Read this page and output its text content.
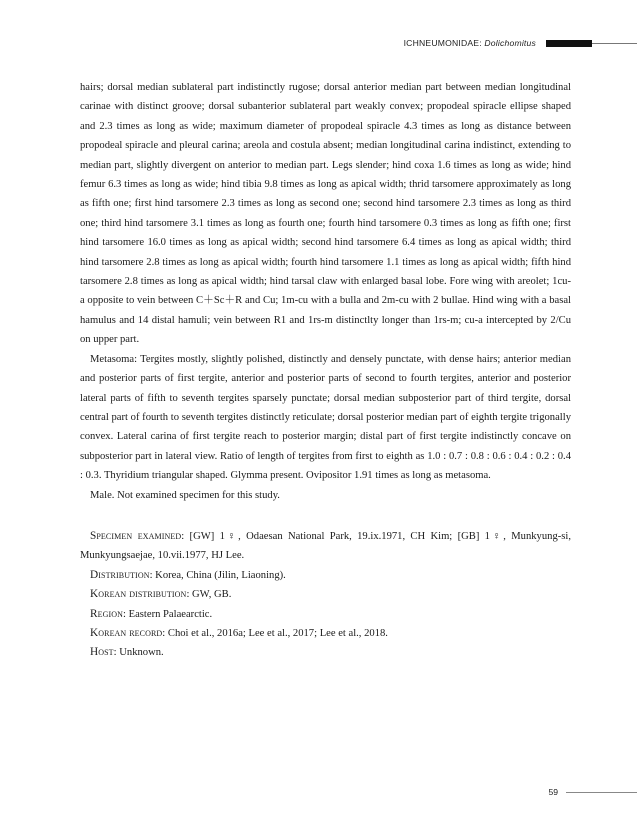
ICHNEUMONIDAE: Dolichomitus

hairs; dorsal median sublateral part indistinctly rugose; dorsal anterior median part between median longitudinal carinae with distinct groove; dorsal subanterior sublateral part weakly convex; propodeal spiracle ellipse shaped and 2.3 times as long as wide; maximum diameter of propodeal spiracle 4.3 times as long as distance between propodeal spiracle and pleural carina; areola and costula absent; median longitudinal carina indistinct, extending to median part, slightly divergent on anterior to median part. Legs slender; hind coxa 1.6 times as long as wide; hind femur 6.3 times as long as wide; hind tibia 9.8 times as long as apical width; thrid tarsomere approximately as long as fifth one; first hind tarsomere 2.3 times as long as second one; second hind tarsomere 2.3 times as long as third one; third hind tarsomere 3.1 times as long as fourth one; fourth hind tarsomere 0.3 times as long as fifth one; first hind tarsomere 16.0 times as long as apical width; second hind tarsomere 6.4 times as long as apical width; third hind tarsomere 2.8 times as long as apical width; fourth hind tarsomere 1.1 times as long as apical width; fifth hind tarsomere 2.8 times as long as apical width; hind tarsal claw with enlarged basal lobe. Fore wing with areolet; 1cu-a opposite to vein between C＋Sc＋R and Cu; 1m-cu with a bulla and 2m-cu with 2 bullae. Hind wing with a basal hamulus and 14 distal hamuli; vein between R1 and 1rs-m distinctlty longer than 1rs-m; cu-a intercepted by 2/Cu on upper part.

Metasoma: Tergites mostly, slightly polished, distinctly and densely punctate, with dense hairs; anterior median and posterior parts of first tergite, anterior and posterior parts of second to fourth tergites, anterior and posterior lateral parts of fifth to seventh tergites sparsely punctate; dorsal median subposterior part of third tergite, dorsal central part of fourth to seventh tergites distinctly reticulate; dorsal posterior median part of eighth tergite trigonally convex. Lateral carina of first tergite reach to posterior margin; distal part of first tergite indistinctly concave on subposterior part in lateral view. Ratio of length of tergites from first to eighth as 1.0 : 0.7 : 0.8 : 0.6 : 0.4 : 0.2 : 0.4 : 0.3. Thyridium triangular shaped. Glymma present. Ovipositor 1.91 times as long as metasoma.

Male. Not examined specimen for this study.

Specimen examined: [GW] 1♀, Odaesan National Park, 19.ix.1971, CH Kim; [GB] 1♀, Munkyung-si, Munkyungsaejae, 10.vii.1977, HJ Lee.

Distribution: Korea, China (Jilin, Liaoning).

Korean distribution: GW, GB.

Region: Eastern Palaearctic.

Korean record: Choi et al., 2016a; Lee et al., 2017; Lee et al., 2018.

Host: Unknown.

59
